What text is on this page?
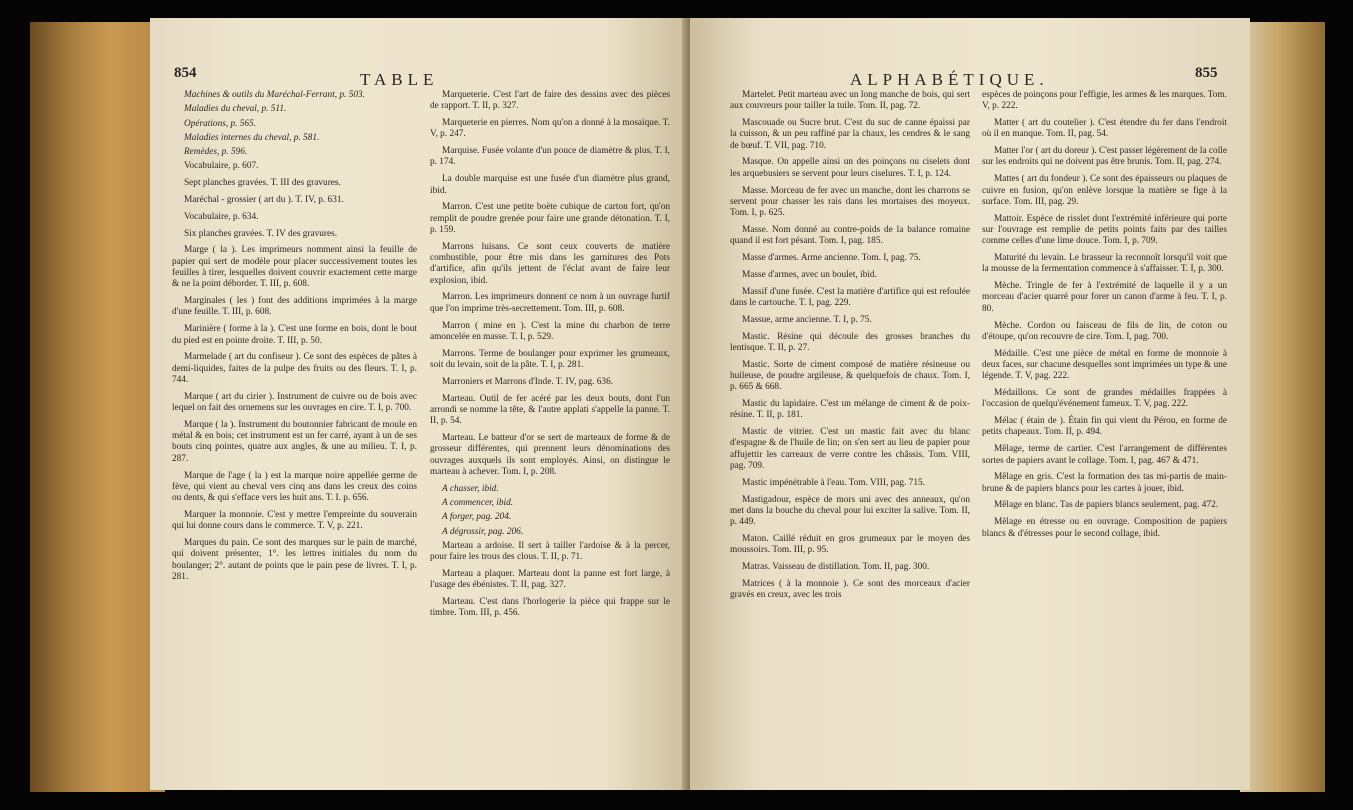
854	TABLE

Machines & outils du Maréchal-Ferrant, p. 503.

Maladies du cheval, p. 511.

Opérations, p. 565.

Maladies internes du cheval, p. 581.

Remèdes, p. 596.

Vocabulaire, p. 607.

Sept planches gravées. T. III des gravures.

Maréchal - grossier ( art du ). T. IV, p. 631.

Vocabulaire, p. 634.

Six planches gravées. T. IV des gravures.

Marge ( la ). Les imprimeurs nomment ainsi la feuille de papier qui sert de modèle pour placer successivement toutes les feuilles à tirer, lesquelles doivent couvrir exactement cette marge & ne la point déborder. T. III, p. 608.

Marginales ( les ) font des additions imprimées à la marge d'une feuille. T. III, p. 608.

Marinière ( forme à la ). C'est une forme en bois, dont le bout du pied est en pointe droite. T. III, p. 50.

Marmelade ( art du confiseur ). Ce sont des espèces de pâtes à demi-liquides, faites de la pulpe des fruits ou des fleurs. T. I, p. 744.

Marque ( art du cirier ). Instrument de cuivre ou de bois avec lequel on fait des ornemens sur les ouvrages en cire. T. I, p. 700.

Marque ( la ). Instrument du boutonnier fabricant de moule en métal & en bois; cet instrument est un fer carré, ayant à un de ses bouts cinq pointes, quatre aux angles, & une au milieu. T. I, p. 287.

Marque de l'age ( la ) est la marque noire appellée germe de fève, qui vient au cheval vers cinq ans dans les creux des coins ou dents, & qui s'efface vers les huit ans. T. I. p. 656.

Marquer la monnoie. C'est y mettre l'empreinte du souverain qui lui donne cours dans le commerce. T. V, p. 221.

Marques du pain. Ce sont des marques sur le pain de marché, qui doivent présenter, 1°. les lettres initiales du nom du boulanger; 2°. autant de points que le pain pese de livres. T. I, p. 281.

Marqueterie. C'est l'art de faire des dessins avec des pièces de rapport. T. II, p. 327.

Marqueterie en pierres. Nom qu'on a donné à la mosaïque. T. V, p. 247.

Marquise. Fusée volante d'un pouce de diamètre & plus. T. I, p. 174.

La double marquise est une fusée d'un diamètre plus grand, ibid.

Marron. C'est une petite boëte cubique de carton fort, qu'on remplit de poudre grenée pour faire une grande détonation. T. I, p. 159.

Marrons luisans. Ce sont ceux couverts de matière combustible, pour être mis dans les garnitures des Pots d'artifice, afin qu'ils jettent de l'éclat avant de faire leur explosion, ibid.

Marron. Les imprimeurs donnent ce nom à un ouvrage furtif que l'on imprime très-secrettement. Tom. III, p. 608.

Marron ( mine en ). C'est la mine du charbon de terre amoncelée en masse. T. I, p. 529.

Marrons. Terme de boulanger pour exprimer les grumeaux, soit du levain, soit de la pâte. T. I, p. 281.

Marroniers et Marrons d'Inde. T. IV, pag. 636.

Marteau. Outil de fer acéré par les deux bouts, dont l'un arrondi se nomme la tête, & l'autre applati s'appelle la panne. T. II, p. 54.

Marteau. Le batteur d'or se sert de marteaux de forme & de grosseur différentes, qui prennent leurs dénominations des ouvrages auxquels ils sont employés. Ainsi, on distingue le marteau à achever. Tom. I, p. 208.

A chasser, ibid.

A commencer, ibid.

A forger, pag. 204.

A dégrossir, pag. 206.

Marteau a ardoise. Il sert à tailler l'ardoise & à la percer, pour faire les trous des clous. T. II, p. 71.

Marteau a plaquer. Marteau dont la panne est fort large, à l'usage des ébénistes. T. II, pag. 327.

Marteau. C'est dans l'horlogerie la pièce qui frappe sur le timbre. Tom. III, p. 456.

ALPHABÉTIQUE.	855

Martelet. Petit marteau avec un long manche de bois, qui sert aux couvreurs pour tailler la tuile. Tom. II, pag. 72.

Mascouade ou Sucre brut. C'est du suc de canne épaissi par la cuisson, & un peu raffiné par la chaux, les cendres & le sang de bœuf. T. VII, pag. 710.

Masque. On appelle ainsi un des poinçons ou ciselets dont les arquebusiers se servent pour leurs ciselures. T. I, p. 124.

Masse. Morceau de fer avec un manche, dont les charrons se servent pour chasser les rais dans les mortaises des moyeux. Tom. I, p. 625.

Masse. Nom donné au contre-poids de la balance romaine quand il est fort pésant. Tom. I, pag. 185.

Masse d'armes. Arme ancienne. Tom. I, pag. 75.

Masse d'armes, avec un boulet, ibid.

Massif d'une fusée. C'est la matière d'artifice qui est refoulée dans le cartouche. T. I, pag. 229.

Massue, arme ancienne. T. I, p. 75.

Mastic. Résine qui découle des grosses branches du lentisque. T. II, p. 27.

Mastic. Sorte de ciment composé de matière résineuse ou huileuse, de poudre argileuse, & quelquefois de chaux. Tom. I, p. 665 & 668.

Mastic du lapidaire. C'est un mélange de ciment & de poix-résine. T. II, p. 181.

Mastic de vitrier. C'est un mastic fait avec du blanc d'espagne & de l'huile de lin; on s'en sert au lieu de papier pour affujettir les carreaux de verre contre les châssis. Tom. VIII, pag. 709.

Mastic impénétrable à l'eau. Tom. VIII, pag. 715.

Mastigadour, espèce de mors uni avec des anneaux, qu'on met dans la bouche du cheval pour lui exciter la salive. Tom. II, p. 449.

Maton. Caillé réduit en gros grumeaux par le moyen des moussoirs. Tom. III, p. 95.

Matras. Vaisseau de distillation. Tom. II, pag. 300.

Matrices ( à la monnoie ). Ce sont des morceaux d'acier gravés en creux, avec les trois

espèces de poinçons pour l'effigie, les armes & les marques. Tom. V, p. 222.

Matter ( art du coutelier ). C'est étendre du fer dans l'endroit où il en manque. Tom. II, pag. 54.

Matter l'or ( art du doreur ). C'est passer légèrement de la colle sur les endroits qui ne doivent pas être brunis. Tom. II, pag. 274.

Mattes ( art du fondeur ). Ce sont des épaisseurs ou plaques de cuivre en fusion, qu'on enlève lorsque la matière se fige à la surface. Tom. III, pag. 29.

Mattoir. Espèce de risslet dont l'extrémité inférieure qui porte sur l'ouvrage est remplie de petits points faits par des tailles comme celles d'une lime douce. Tom. I, p. 709.

Maturité du levain. Le brasseur la reconnoît lorsqu'il voit que la mousse de la fermentation commence à s'affaisser. T. I, p. 300.

Mèche. Tringle de fer à l'extrémité de laquelle il y a un morceau d'acier quarré pour forer un canon d'arme à feu. T. I, p. 80.

Mèche. Cordon ou faisceau de fils de lin, de coton ou d'étoupe, qu'on recouvre de cire. Tom. I, pag. 700.

Médaille. C'est une pièce de métal en forme de monnoie à deux faces, sur chacune desquelles sont imprimées un type & une légende. T. V, pag. 222.

Médaillons. Ce sont de grandes médailles frappées à l'occasion de quelqu'événement fameux. T. V, pag. 222.

Mélac ( étain de ). Étain fin qui vient du Pérou, en forme de petits chapeaux. Tom. II, p. 494.

Mêlage, terme de cartier. C'est l'arrangement de différentes sortes de papiers avant le collage. Tom. I, pag. 467 & 471.

Mêlage en gris. C'est la formation des tas mi-partis de main-brune & de papiers blancs pour les cartes à jouer, ibid.

Mêlage en blanc. Tas de papiers blancs seulement, pag. 472.

Mêlage en étresse ou en ouvrage. Composition de papiers blancs & d'étresses pour le second collage, ibid.
